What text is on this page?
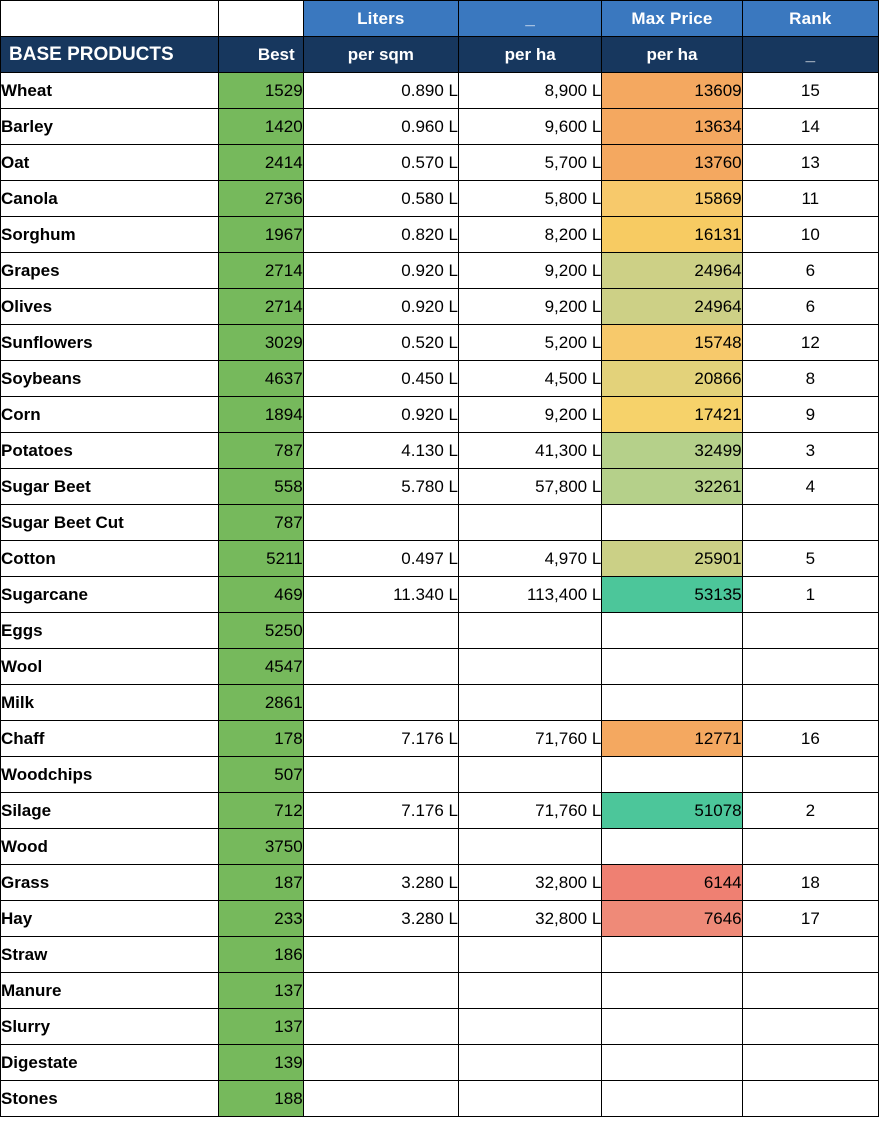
		Liters	_	Max Price	Rank
BASE PRODUCTS	Best	per sqm	per ha	per ha	_
Wheat	1529	0.890 L	8,900 L	13609	15
Barley	1420	0.960 L	9,600 L	13634	14
Oat	2414	0.570 L	5,700 L	13760	13
Canola	2736	0.580 L	5,800 L	15869	11
Sorghum	1967	0.820 L	8,200 L	16131	10
Grapes	2714	0.920 L	9,200 L	24964	6
Olives	2714	0.920 L	9,200 L	24964	6
Sunflowers	3029	0.520 L	5,200 L	15748	12
Soybeans	4637	0.450 L	4,500 L	20866	8
Corn	1894	0.920 L	9,200 L	17421	9
Potatoes	787	4.130 L	41,300 L	32499	3
Sugar Beet	558	5.780 L	57,800 L	32261	4
Sugar Beet Cut	787				
Cotton	5211	0.497 L	4,970 L	25901	5
Sugarcane	469	11.340 L	113,400 L	53135	1
Eggs	5250				
Wool	4547				
Milk	2861				
Chaff	178	7.176 L	71,760 L	12771	16
Woodchips	507				
Silage	712	7.176 L	71,760 L	51078	2
Wood	3750				
Grass	187	3.280 L	32,800 L	6144	18
Hay	233	3.280 L	32,800 L	7646	17
Straw	186				
Manure	137				
Slurry	137				
Digestate	139				
Stones	188				
